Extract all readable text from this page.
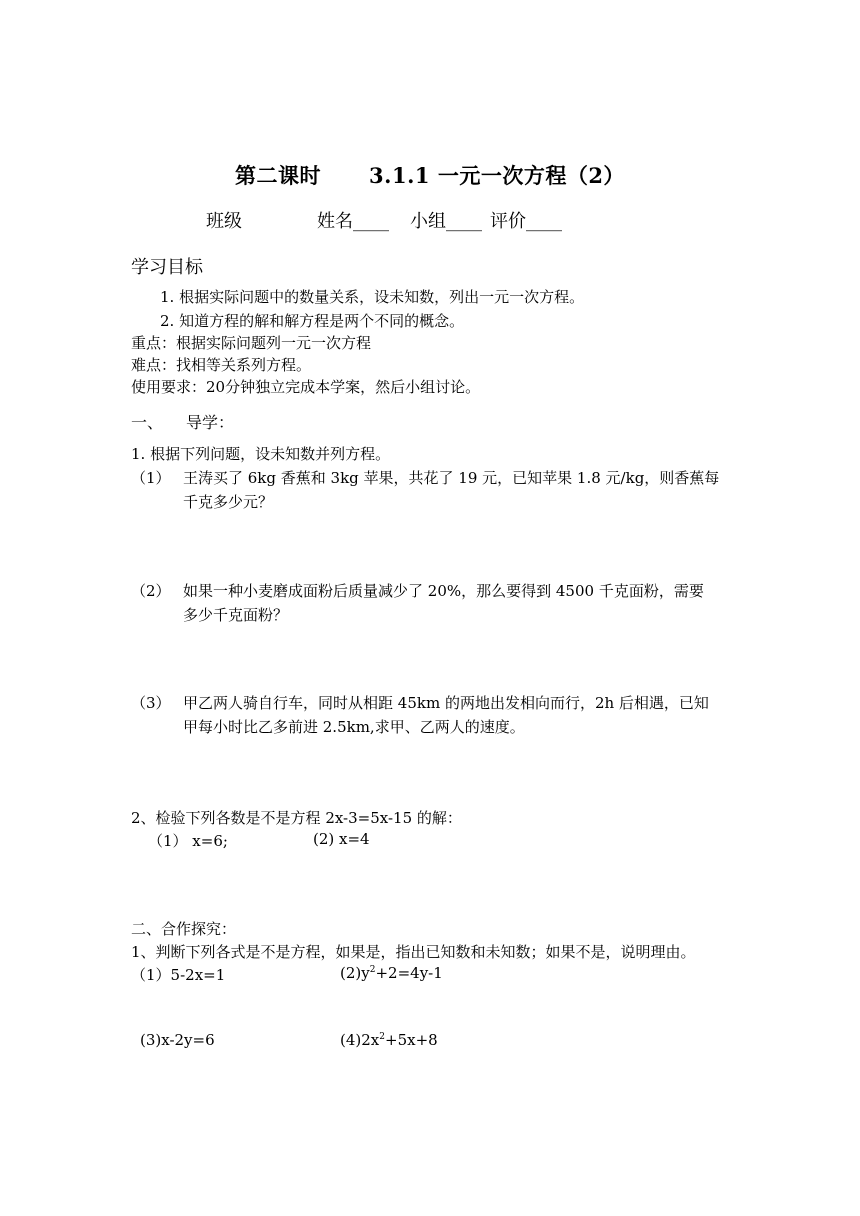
第二课时 3.1.1 一元一次方程（2）
班级	姓名____ 小组____ 评价____
学习目标
1. 根据实际问题中的数量关系，设未知数，列出一元一次方程。
2. 知道方程的解和解方程是两个不同的概念。
重点：根据实际问题列一元一次方程
难点：找相等关系列方程。
使用要求：20分钟独立完成本学案，然后小组讨论。
一、 导学：
1. 根据下列问题，设未知数并列方程。
（1） 王涛买了 6kg 香蕉和 3kg 苹果，共花了 19 元，已知苹果 1.8 元/kg，则香蕉每
千克多少元？
（2） 如果一种小麦磨成面粉后质量减少了 20%，那么要得到 4500 千克面粉，需要
多少千克面粉？
（3） 甲乙两人骑自行车，同时从相距 45km 的两地出发相向而行，2h 后相遇，已知
甲每小时比乙多前进 2.5km,求甲、乙两人的速度。
2、检验下列各数是不是方程 2x-3=5x-15 的解：
（1） x=6;	(2) x=4
二、合作探究：
1、判断下列各式是不是方程，如果是，指出已知数和未知数；如果不是，说明理由。
（1）5-2x=1	$(2)y^2+2=4y-1$
(3)x-2y=6	$(4)2x^2+5x+8$
